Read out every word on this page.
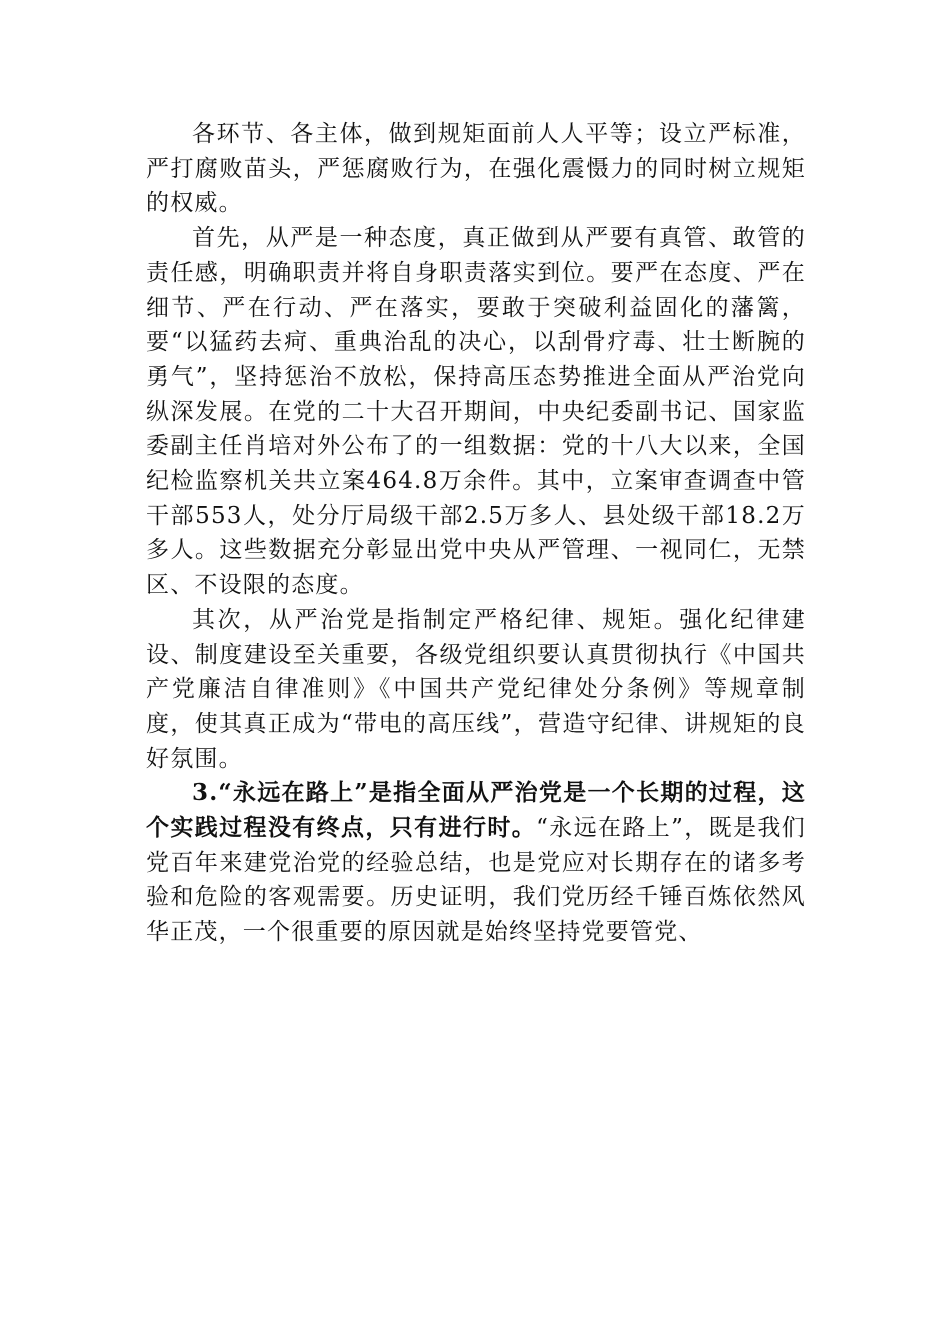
各环节、各主体，做到规矩面前人人平等；设立严标准，严打腐败苗头，严惩腐败行为，在强化震慑力的同时树立规矩的权威。

首先，从严是一种态度，真正做到从严要有真管、敢管的责任感，明确职责并将自身职责落实到位。要严在态度、严在细节、严在行动、严在落实，要敢于突破利益固化的藩篱，要“以猛药去疴、重典治乱的决心，以刮骨疗毒、壮士断腕的勇气”，坚持惩治不放松，保持高压态势推进全面从严治党向纵深发展。在党的二十大召开期间，中央纪委副书记、国家监委副主任肖培对外公布了的一组数据：党的十八大以来，全国纪检监察机关共立案464.8万余件。其中，立案审查调查中管干部553人，处分厅局级干部2.5万多人、县处级干部18.2万多人。这些数据充分彰显出党中央从严管理、一视同仁，无禁区、不设限的态度。

其次，从严治党是指制定严格纪律、规矩。强化纪律建设、制度建设至关重要，各级党组织要认真贯彻执行《中国共产党廉洁自律准则》《中国共产党纪律处分条例》等规章制度，使其真正成为“带电的高压线”，营造守纪律、讲规矩的良好氛围。

3.“永远在路上”是指全面从严治党是一个长期的过程，这个实践过程没有终点，只有进行时。“永远在路上”，既是我们党百年来建党治党的经验总结，也是党应对长期存在的诸多考验和危险的客观需要。历史证明，我们党历经千锤百炼依然风华正茂，一个很重要的原因就是始终坚持党要管党、
